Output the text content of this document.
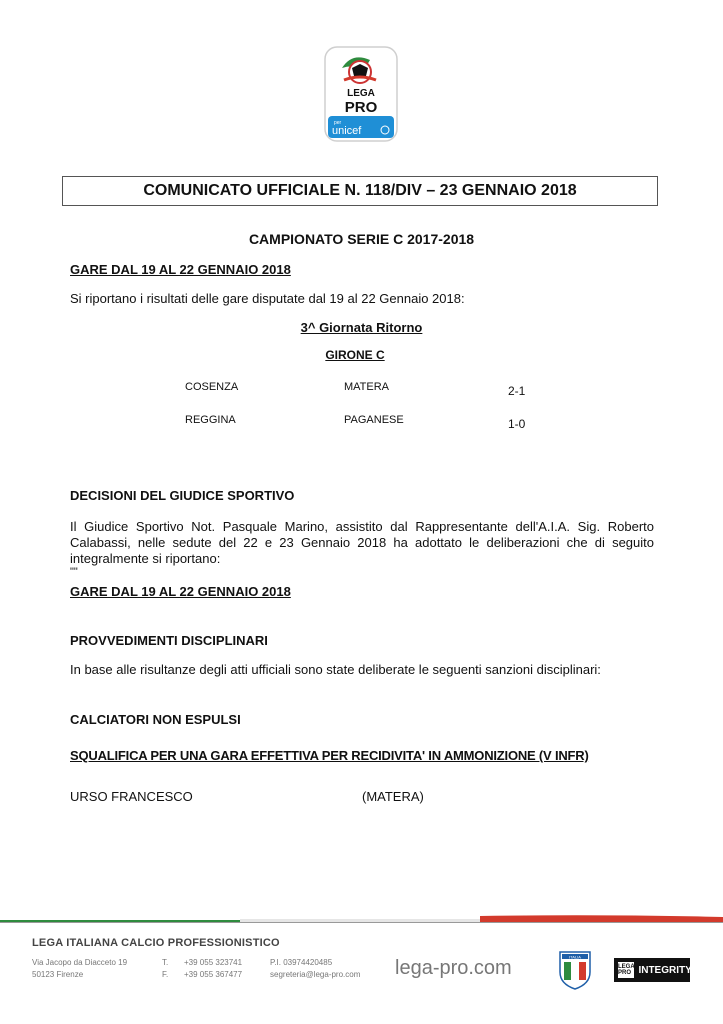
LEGA
PRO
per
unicef
COMUNICATO UFFICIALE N. 118/DIV – 23 GENNAIO 2018
CAMPIONATO SERIE C 2017-2018
GARE DAL 19 AL 22 GENNAIO 2018
Si riportano i risultati delle gare disputate dal 19 al 22 Gennaio 2018:
3^ Giornata Ritorno
GIRONE C
COSENZA	MATERA	2-1
REGGINA	PAGANESE	1-0
DECISIONI DEL GIUDICE SPORTIVO
Il Giudice Sportivo Not. Pasquale Marino, assistito dal Rappresentante dell'A.I.A. Sig. Roberto
Calabassi, nelle sedute del 22 e 23 Gennaio 2018 ha adottato le deliberazioni che di seguito
integralmente si riportano:
""
GARE DAL 19 AL 22 GENNAIO 2018
PROVVEDIMENTI DISCIPLINARI
In base alle risultanze degli atti ufficiali sono state deliberate le seguenti sanzioni disciplinari:
CALCIATORI NON ESPULSI
SQUALIFICA PER UNA GARA EFFETTIVA PER RECIDIVITA' IN AMMONIZIONE (V INFR)
URSO FRANCESCO	(MATERA)
LEGA ITALIANA CALCIO PROFESSIONISTICO
Via Jacopo da Diacceto 19
50123 Firenze
T.
F.
+39 055 323741
+39 055 367477
P.I. 03974420485
segreteria@lega-pro.com lega-pro.com
ITALIA
LEGA PRO INTEGRITY
